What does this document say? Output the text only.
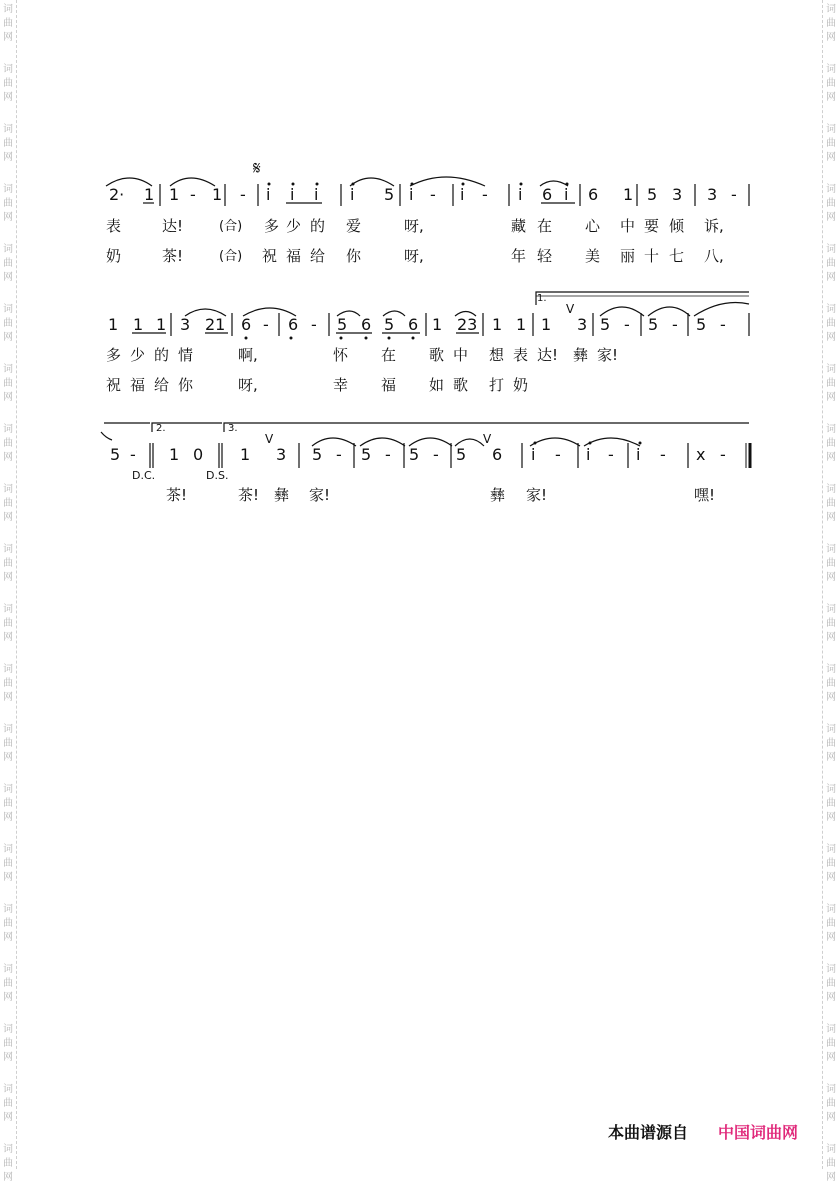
词
曲
网
词
曲
网
词
曲
网
词
曲
网
词
曲
网
词
曲
网
词
曲
网
词
曲
网
词
曲
网
词
曲
网
词
曲
网
词
曲
网
词
曲
网
词
曲
网
词
曲
网
词
曲
网
词
曲
网
词
曲
网
词
曲
网
词
曲
网
词
曲
网
词
曲
网
词
曲
网
词
曲
网
词
曲
网
词
曲
网
词
曲
网
词
曲
网
词
曲
网
词
曲
网
词
曲
网
词
曲
网
词
曲
网
词
曲
网
词
曲
网
词
曲
网
词
曲
网
词
曲
网
词
曲
网
词
曲
网
2· 1 1 - 1 -
𝄋
i i i i 5 i - i - i 6 i 6 1 5 3 3 -
表	达!	(合) 多 少 的 爱	呀,	藏 在 心 中 要 倾 诉,
奶	茶!	(合) 祝 福 给 你	呀,	年 轻 美 丽 十 七 八,
1 1 1 3 21 6 - 6 - 5 6 5 6 1 23 1 1 1
1.
V
3 5 - 5 - 5 -
多 少 的 情	啊,	怀 在 歌 中 想 表 达! 彝 家!
祝 福 给 你	呀,	幸 福 如 歌 打 奶
5 -
2.
1 0
D.C.	D.S.
3.
1
V
3 5 - 5 - 5 - 5
V
6 i - i - i - x -
茶!	茶! 彝 家!	彝 家!	嘿!
本曲谱源自 中国词曲网
